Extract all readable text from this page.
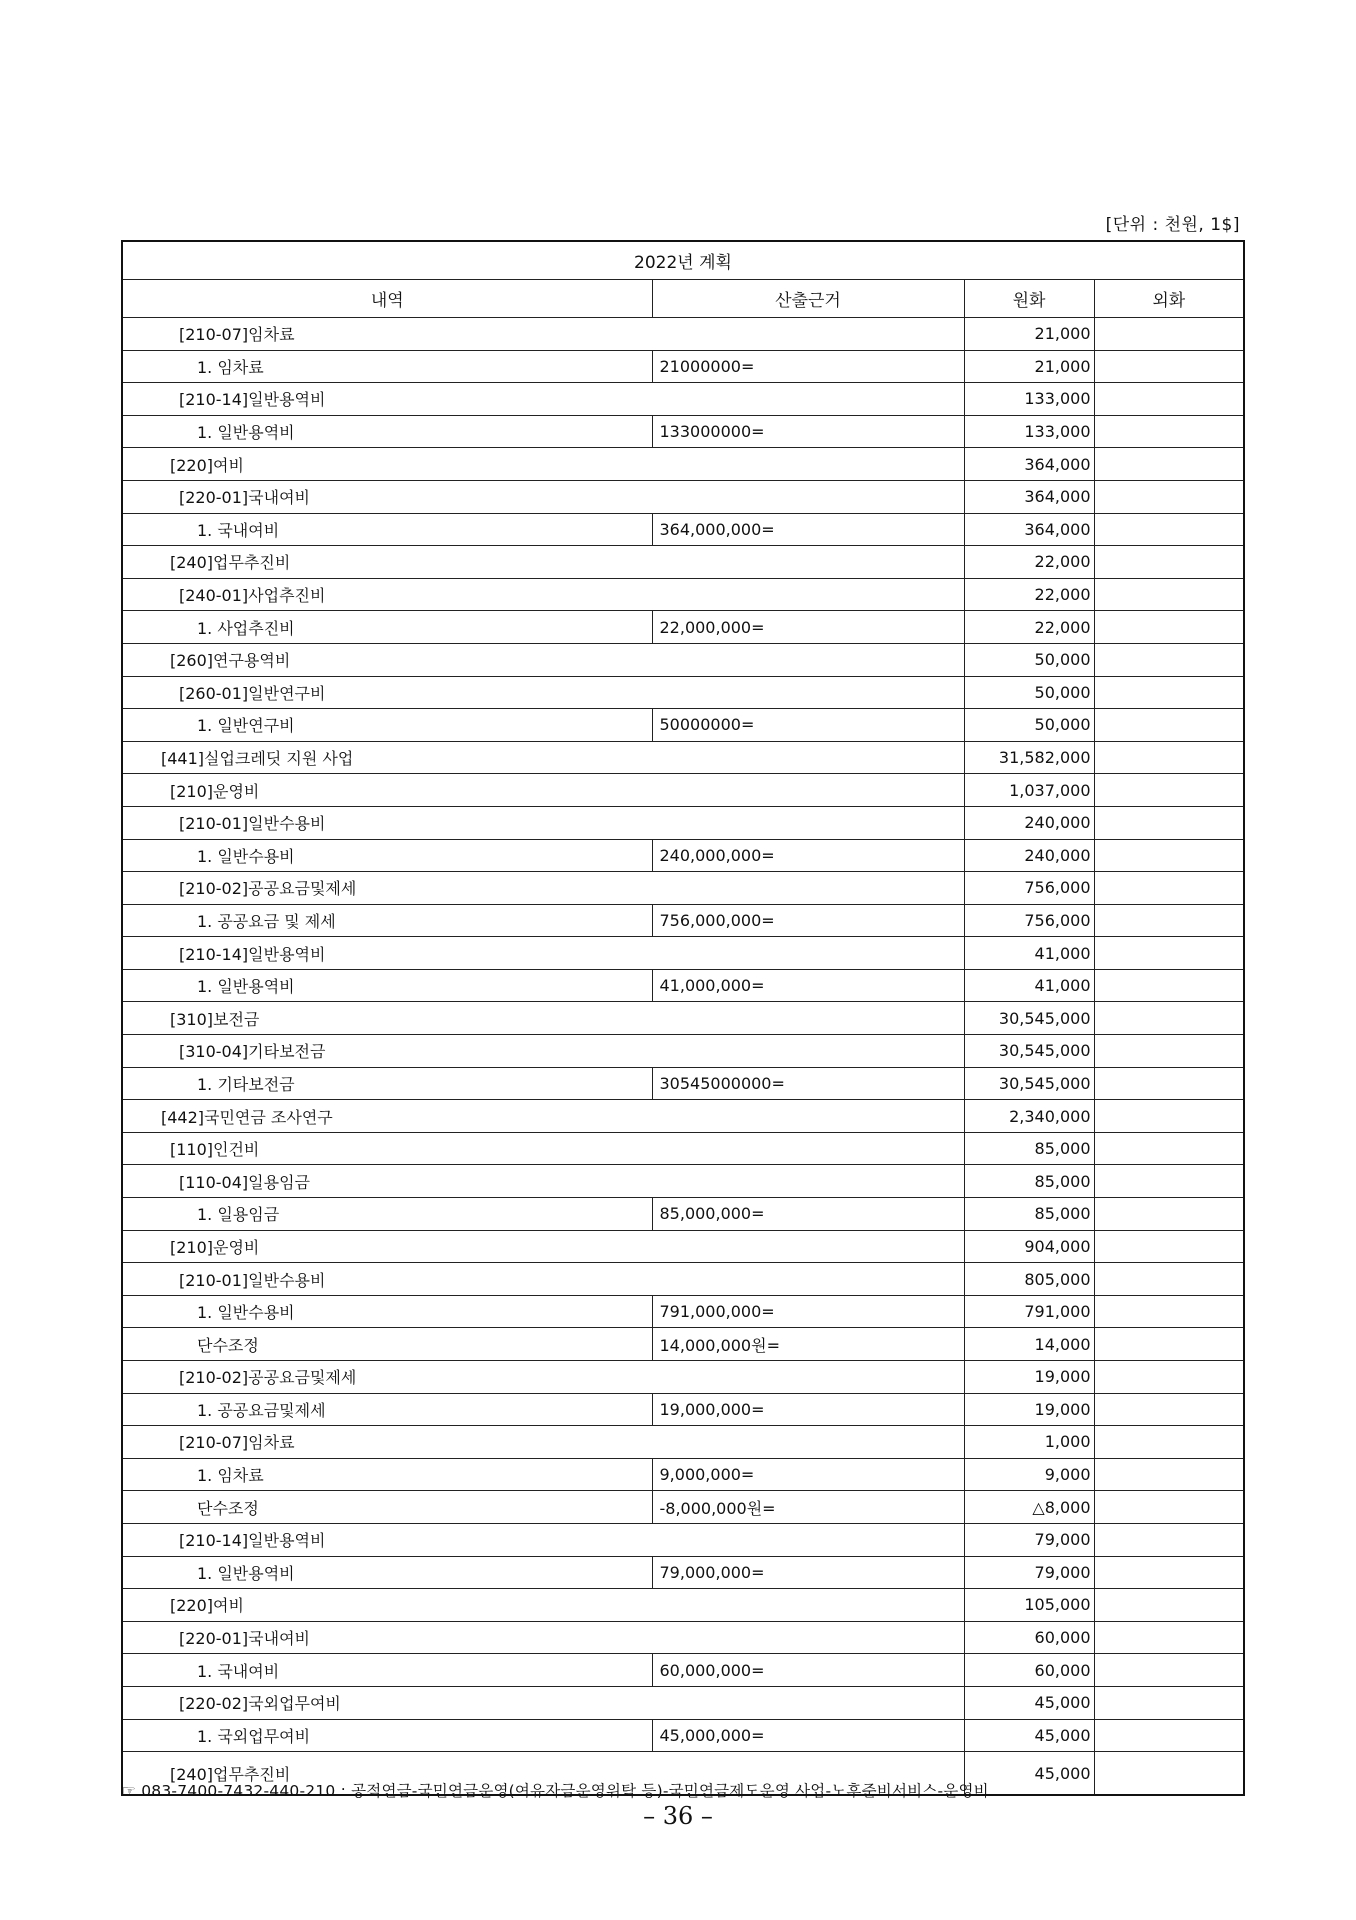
[단위 : 천원, 1$]
2022년 계획			
내역	산출근거	원화	외화
[210-07]임차료		21,000	
1. 임차료	21000000=	21,000	
[210-14]일반용역비		133,000	
1. 일반용역비	133000000=	133,000	
[220]여비		364,000	
[220-01]국내여비		364,000	
1. 국내여비	364,000,000=	364,000	
[240]업무추진비		22,000	
[240-01]사업추진비		22,000	
1. 사업추진비	22,000,000=	22,000	
[260]연구용역비		50,000	
[260-01]일반연구비		50,000	
1. 일반연구비	50000000=	50,000	
[441]실업크레딧 지원 사업		31,582,000	
[210]운영비		1,037,000	
[210-01]일반수용비		240,000	
1. 일반수용비	240,000,000=	240,000	
[210-02]공공요금및제세		756,000	
1. 공공요금 및 제세	756,000,000=	756,000	
[210-14]일반용역비		41,000	
1. 일반용역비	41,000,000=	41,000	
[310]보전금		30,545,000	
[310-04]기타보전금		30,545,000	
1. 기타보전금	30545000000=	30,545,000	
[442]국민연금 조사연구		2,340,000	
[110]인건비		85,000	
[110-04]일용임금		85,000	
1. 일용임금	85,000,000=	85,000	
[210]운영비		904,000	
[210-01]일반수용비		805,000	
1. 일반수용비	791,000,000=	791,000	
단수조정	14,000,000원=	14,000	
[210-02]공공요금및제세		19,000	
1. 공공요금및제세	19,000,000=	19,000	
[210-07]임차료		1,000	
1. 임차료	9,000,000=	9,000	
단수조정	-8,000,000원=	△8,000	
[210-14]일반용역비		79,000	
1. 일반용역비	79,000,000=	79,000	
[220]여비		105,000	
[220-01]국내여비		60,000	
1. 국내여비	60,000,000=	60,000	
[220-02]국외업무여비		45,000	
1. 국외업무여비	45,000,000=	45,000	
[240]업무추진비		45,000	
☞ 083-7400-7432-440-210 : 공적연금-국민연금운영(여유자금운영위탁 등)-국민연금제도운영 사업-노후준비서비스-운영비
– 36 –
